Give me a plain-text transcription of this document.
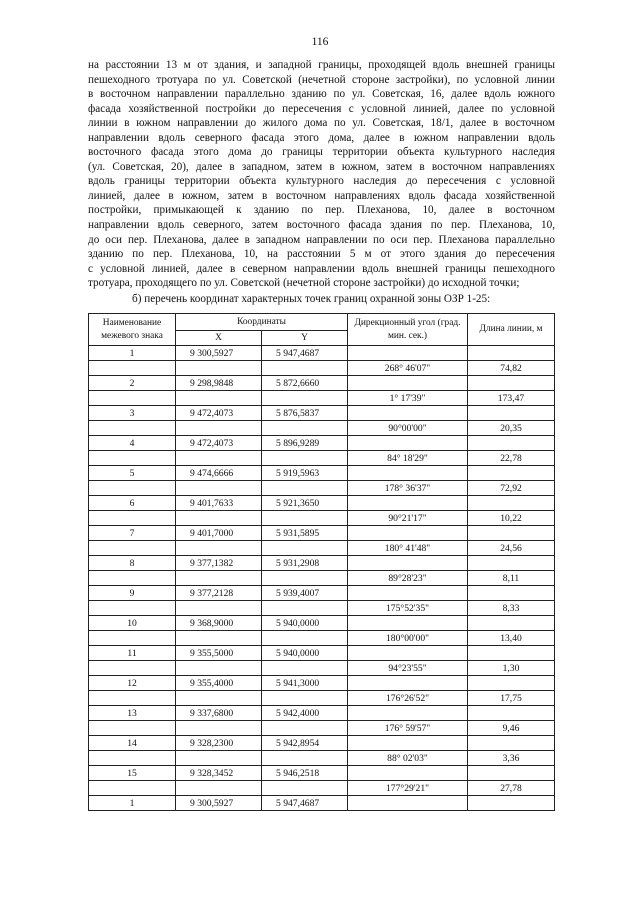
116
на расстоянии 13 м от здания, и западной границы, проходящей вдоль внешней границы
пешеходного тротуара по ул. Советской (нечетной стороне застройки), по условной линии
в восточном направлении параллельно зданию по ул. Советская, 16, далее вдоль южного
фасада хозяйственной постройки до пересечения с условной линией, далее по условной
линии в южном направлении до жилого дома по ул. Советская, 18/1, далее в восточном
направлении вдоль северного фасада этого дома, далее в южном направлении вдоль
восточного фасада этого дома до границы территории объекта культурного наследия
(ул. Советская, 20), далее в западном, затем в южном, затем в восточном направлениях
вдоль границы территории объекта культурного наследия до пересечения с условной
линией, далее в южном, затем в восточном направлениях вдоль фасада хозяйственной
постройки, примыкающей к зданию по пер. Плеханова, 10, далее в восточном
направлении вдоль северного, затем восточного фасада здания по пер. Плеханова, 10,
до оси пер. Плеханова, далее в западном направлении по оси пер. Плеханова параллельно
зданию по пер. Плеханова, 10, на расстоянии 5 м от этого здания до пересечения
с условной линией, далее в северном направлении вдоль внешней границы пешеходного
тротуара, проходящего по ул. Советской (нечетной стороне застройки) до исходной точки;
б) перечень координат характерных точек границ охранной зоны ОЗР 1-25:
Наименование межевого знака	Координаты		Дирекционный угол (град. мин. сек.)	Длина линии, м
	X	Y		
1	9 300,5927	5 947,4687		
			268° 46'07"	74,82
2	9 298,9848	5 872,6660		
			1° 17'39"	173,47
3	9 472,4073	5 876,5837		
			90°00'00"	20,35
4	9 472,4073	5 896,9289		
			84° 18'29"	22,78
5	9 474,6666	5 919,5963		
			178° 36'37"	72,92
6	9 401,7633	5 921,3650		
			90°21'17"	10,22
7	9 401,7000	5 931,5895		
			180° 41'48"	24,56
8	9 377,1382	5 931,2908		
			89°28'23"	8,11
9	9 377,2128	5 939,4007		
			175°52'35"	8,33
10	9 368,9000	5 940,0000		
			180°00'00"	13,40
11	9 355,5000	5 940,0000		
			94°23'55"	1,30
12	9 355,4000	5 941,3000		
			176°26'52"	17,75
13	9 337,6800	5 942,4000		
			176° 59'57"	9,46
14	9 328,2300	5 942,8954		
			88° 02'03"	3,36
15	9 328,3452	5 946,2518		
			177°29'21"	27,78
1	9 300,5927	5 947,4687		
